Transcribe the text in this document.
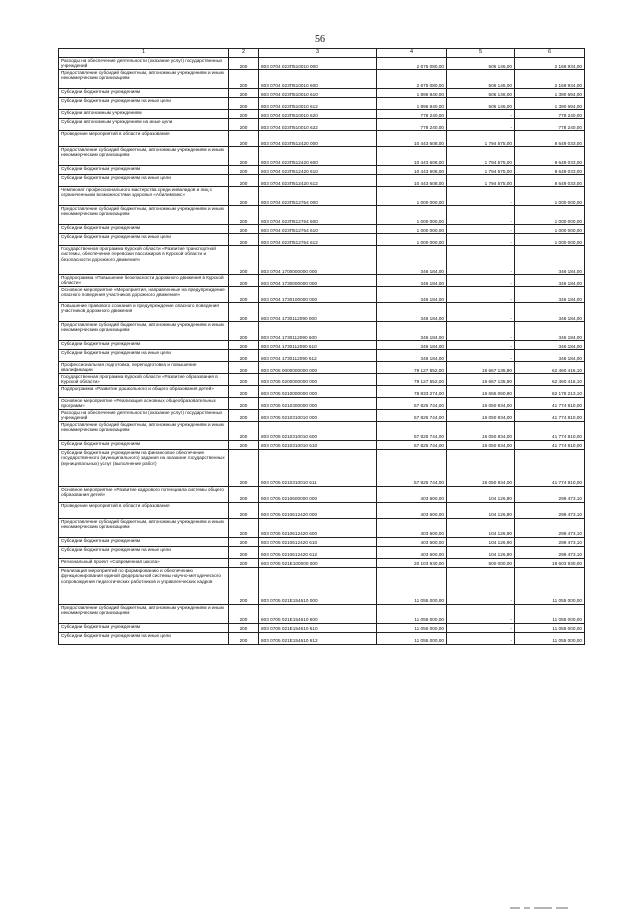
56
1	2	3	4	5	6
Расходы на обеспечение деятельности (оказание услуг) государственных учреждений	200	803 0704 023П510010 000	2 675 080,00	506 146,00	2 168 934,00
Предоставление субсидий бюджетным, автономным учреждениям и иным некоммерческим организациям	200	803 0704 023П510010 600	2 675 080,00	506 146,00	2 168 934,00
Субсидии бюджетным учреждениям	200	803 0704 023П510010 610	1 896 840,00	506 146,00	1 390 694,00
Субсидии бюджетным учреждениям на иные цели	200	803 0704 023П510010 612	1 896 840,00	506 146,00	1 390 694,00
Субсидии автономным учреждениям	200	803 0704 023П510010 620	778 240,00	-	778 240,00
Субсидии автономным учреждениям на иные цели	200	803 0704 023П510010 622	778 240,00	-	778 240,00
Проведение мероприятий в области образования	200	803 0704 023П512420 000	10 443 608,00	1 794 575,00	8 649 033,00
Предоставление субсидий бюджетным, автономным учреждениям и иным некоммерческим организациям	200	803 0704 023П512420 600	10 443 608,00	1 794 575,00	8 649 033,00
Субсидии бюджетным учреждениям	200	803 0704 023П512420 610	10 443 608,00	1 794 575,00	8 649 033,00
Субсидии бюджетным учреждениям на иные цели	200	803 0704 023П512420 612	10 443 608,00	1 794 575,00	8 649 033,00
Чемпионат профессионального мастерства среди инвалидов и лиц с ограниченными возможностями здоровья «Абилимпикс»	200	803 0704 023П512764 000	1 000 000,00	-	1 000 000,00
Предоставление субсидий бюджетным, автономным учреждениям и иным некоммерческим организациям	200	803 0704 023П512764 600	1 000 000,00	-	1 000 000,00
Субсидии бюджетным учреждениям	200	803 0704 023П512764 610	1 000 000,00	-	1 000 000,00
Субсидии бюджетным учреждениям на иные цели	200	803 0704 023П512764 612	1 000 000,00	-	1 000 000,00
Государственная программа Курской области «Развитие транспортной системы, обеспечение перевозки пассажиров в Курской области и безопасности дорожного движения»	200	803 0704 1700000000 000	346 184,00	-	346 184,00
Подпрограмма «Повышение безопасности дорожного движения в Курской области»	200	803 0704 1730000000 000	346 184,00	-	346 184,00
Основное мероприятие «Мероприятия, направленные на предупреждение опасного поведения участников дорожного движения»	200	803 0704 1730100000 000	346 184,00	-	346 184,00
Повышение правового сознания и предупреждение опасного поведения участников дорожного движения	200	803 0704 1730112090 000	346 184,00	-	346 184,00
Предоставление субсидий бюджетным, автономным учреждениям и иным некоммерческим организациям	200	803 0704 1730112090 600	346 184,00	-	346 184,00
Субсидии бюджетным учреждениям	200	803 0704 1730112090 610	346 184,00	-	346 184,00
Субсидии бюджетным учреждениям на иные цели	200	803 0704 1730112090 612	346 184,00	-	346 184,00
Профессиональная подготовка, переподготовка и повышение квалификации	200	803 0705 0000000000 000	79 127 552,00	16 667 135,90	62 460 416,10
Государственная программа Курской области «Развитие образования в Курской области»	200	803 0705 0200000000 000	79 127 552,00	16 667 135,90	62 460 416,10
Подпрограмма «Развитие дошкольного и общего образования детей»	200	803 0705 0210000000 000	78 833 274,00	16 655 060,90	62 178 213,10
Основное мероприятие «Реализация основных общеобразовательных программ»	200	803 0705 0210300000 000	57 825 744,00	16 050 934,00	41 774 810,00
Расходы на обеспечение деятельности (оказание услуг) государственных учреждений	200	803 0705 0210310010 000	57 825 744,00	16 050 934,00	41 774 810,00
Предоставление субсидий бюджетным, автономным учреждениям и иным некоммерческим организациям	200	803 0705 0210310010 600	57 825 744,00	16 050 934,00	41 774 810,00
Субсидии бюджетным учреждениям	200	803 0705 0210310010 610	57 825 744,00	16 050 934,00	41 774 810,00
Субсидии бюджетным учреждениям на финансовое обеспечение государственного (муниципального) задания на оказание государственных (муниципальных) услуг (выполнение работ)	200	803 0705 0210310010 611	57 825 744,00	16 050 934,00	41 774 810,00
Основное мероприятие «Развитие кадрового потенциала системы общего образования детей»	200	803 0705 0210600000 000	403 600,00	104 126,90	299 473,10
Проведение мероприятий в области образования	200	803 0705 0210612420 000	403 600,00	104 126,90	299 473,10
Предоставление субсидий бюджетным, автономным учреждениям и иным некоммерческим организациям	200	803 0705 0210612420 600	403 600,00	104 126,90	299 473,10
Субсидии бюджетным учреждениям	200	803 0705 0210612420 610	403 600,00	104 126,90	299 473,10
Субсидии бюджетным учреждениям на иные цели	200	803 0705 0210612420 612	403 600,00	104 126,90	299 473,10
Региональный проект «Современная школа»	200	803 0705 021Е100000 000	20 103 930,00	500 000,00	19 603 930,00
Реализация мероприятий по формированию и обеспечению функционирования единой федеральной системы научно-методического сопровождения педагогических работников и управленческих кадров	200	803 0705 021Е154610 000	11 055 000,00	-	11 055 000,00
Предоставление субсидий бюджетным, автономным учреждениям и иным некоммерческим организациям	200	803 0705 021Е154610 600	11 055 000,00	-	11 055 000,00
Субсидии бюджетным учреждениям	200	803 0705 021Е154610 610	11 055 000,00	-	11 055 000,00
Субсидии бюджетным учреждениям на иные цели	200	803 0705 021Е154610 612	11 055 000,00	-	11 055 000,00
